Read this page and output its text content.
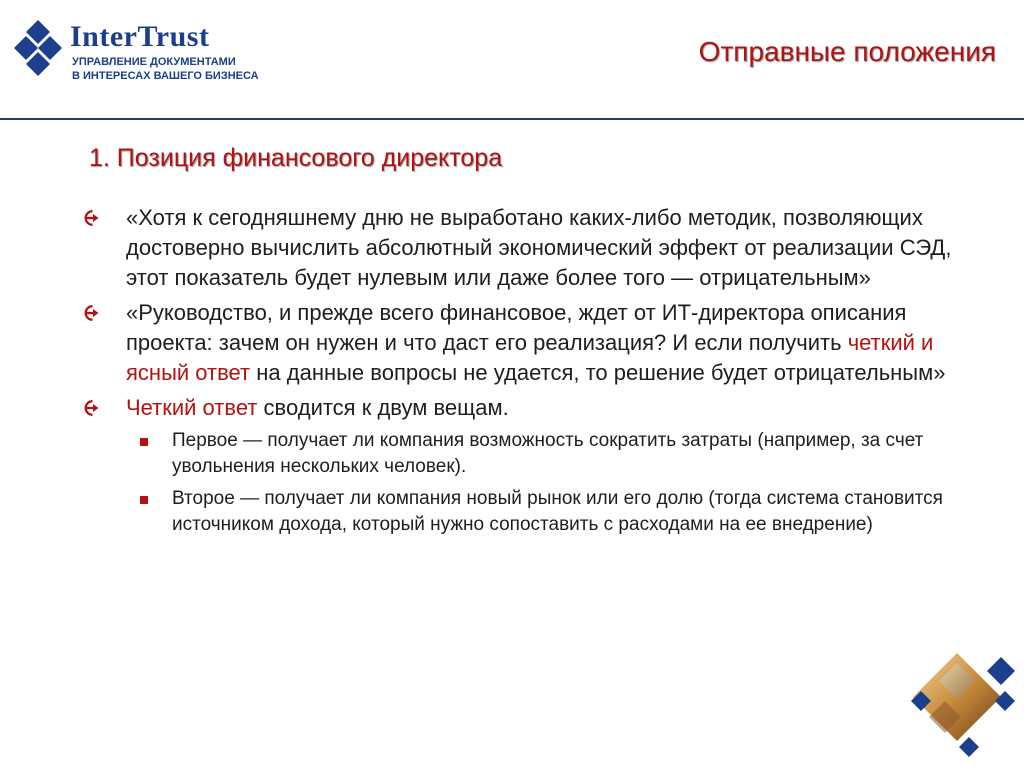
InterTrust
УПРАВЛЕНИЕ ДОКУМЕНТАМИ
В ИНТЕРЕСАХ ВАШЕГО БИЗНЕСА
Отправные положения
1. Позиция финансового директора
«Хотя к сегодняшнему дню не выработано каких-либо методик, позволяющих достоверно вычислить абсолютный экономический эффект от реализации СЭД, этот показатель будет нулевым или даже более того — отрицательным»
«Руководство, и прежде всего финансовое, ждет от ИТ-директора описания проекта: зачем он нужен и что даст его реализация? И если получить четкий и ясный ответ на данные вопросы не удается, то решение будет отрицательным»
Четкий ответ сводится к двум вещам.
Первое — получает ли компания возможность сократить затраты (например, за счет увольнения нескольких человек).
Второе — получает ли компания новый рынок или его долю (тогда система становится источником дохода, который нужно сопоставить с расходами на ее внедрение)
